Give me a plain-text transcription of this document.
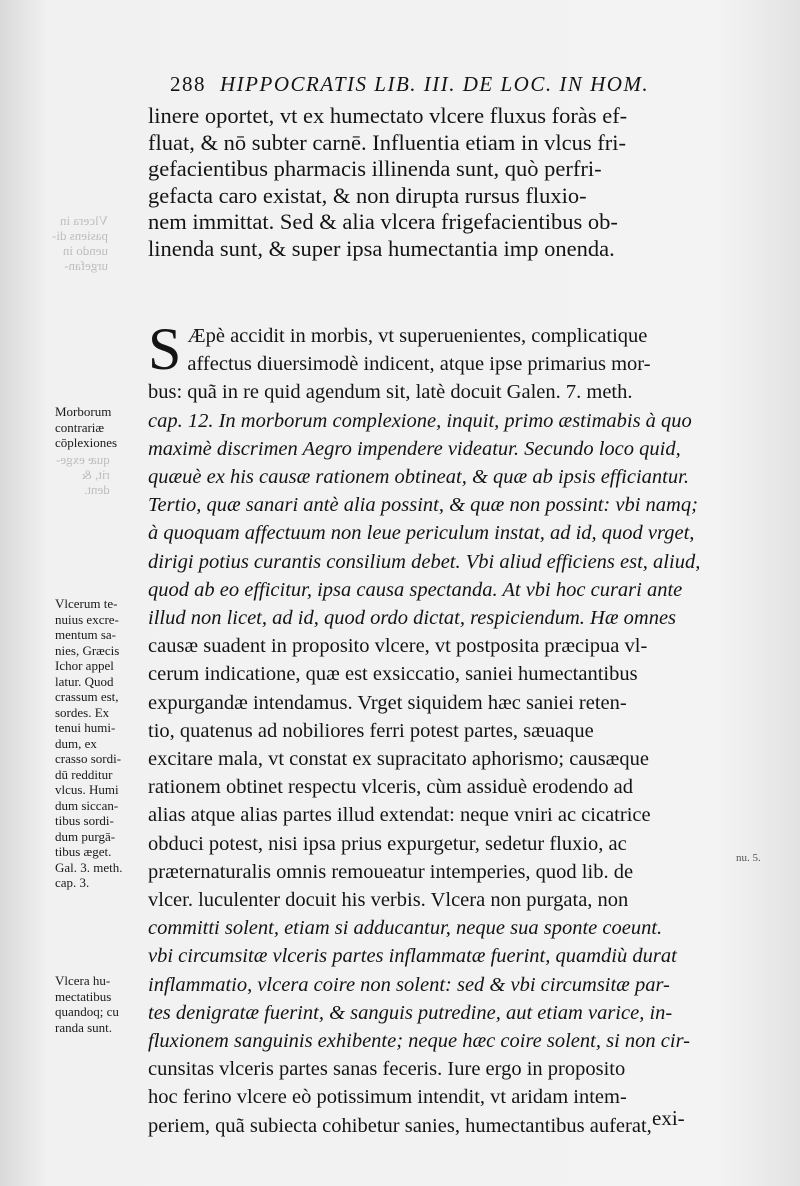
Vlcera in
pasiens di-
uendo in
urgefan-
quæ exge-
rit, &
dent.
288 HIPPOCRATIS LIB. III. DE LOC. IN HOM.
linere oportet, vt ex humectato vlcere fluxus foràs ef-
fluat, & nō subter carnē. Influentia etiam in vlcus fri-
gefacientibus pharmacis illinenda sunt, quò perfri-
gefacta caro existat, & non dirupta rursus fluxio-
nem immittat. Sed & alia vlcera frigefacientibus ob-
linenda sunt, & super ipsa humectantia imp onenda.
S Æpè accidit in morbis, vt superuenientes, complicatique
affectus diuersimodè indicent, atque ipse primarius mor-
bus: quã in re quid agendum sit, latè docuit Galen. 7. meth.
cap. 12. In morborum complexione, inquit, primo æstimabis à quo
maximè discrimen Aegro impendere videatur. Secundo loco quid,
quæuè ex his causæ rationem obtineat, & quæ ab ipsis efficiantur.
Tertio, quæ sanari antè alia possint, & quæ non possint: vbi namq;
à quoquam affectuum non leue periculum instat, ad id, quod vrget,
dirigi potius curantis consilium debet. Vbi aliud efficiens est, aliud,
quod ab eo efficitur, ipsa causa spectanda. At vbi hoc curari ante
illud non licet, ad id, quod ordo dictat, respiciendum. Hæ omnes
causæ suadent in proposito vlcere, vt postposita præcipua vl-
cerum indicatione, quæ est exsiccatio, saniei humectantibus
expurgandæ intendamus. Vrget siquidem hæc saniei reten-
tio, quatenus ad nobiliores ferri potest partes, sæuaque
excitare mala, vt constat ex supracitato aphorismo; causæque
rationem obtinet respectu vlceris, cùm assiduè erodendo ad
alias atque alias partes illud extendat: neque vniri ac cicatrice
obduci potest, nisi ipsa prius expurgetur, sedetur fluxio, ac
præternaturalis omnis remoueatur intemperies, quod lib. de
vlcer. luculenter docuit his verbis. Vlcera non purgata, non
committi solent, etiam si adducantur, neque sua sponte coeunt.
vbi circumsitæ vlceris partes inflammatæ fuerint, quamdiù durat
inflammatio, vlcera coire non solent: sed & vbi circumsitæ par-
tes denigratæ fuerint, & sanguis putredine, aut etiam varice, in-
fluxionem sanguinis exhibente; neque hæc coire solent, si non cir-
cunsitas vlceris partes sanas feceris. Iure ergo in proposito
hoc ferino vlcere eò potissimum intendit, vt aridam intem-
periem, quã subiecta cohibetur sanies, humectantibus auferat,
Morborum
contrariæ
cōplexiones
Vlcerum te-
nuius excre-
mentum sa-
nies, Græcis
Ichor appel
latur. Quod
crassum est,
sordes. Ex
tenui humi-
dum, ex
crasso sordi-
dū redditur
vlcus. Humi
dum siccan-
tibus sordi-
dum purgā-
tibus æget.
Gal. 3. meth.
cap. 3.
Vlcera hu-
mectatibus
quandoq; cu
randa sunt.
nu. 5.
exi-
